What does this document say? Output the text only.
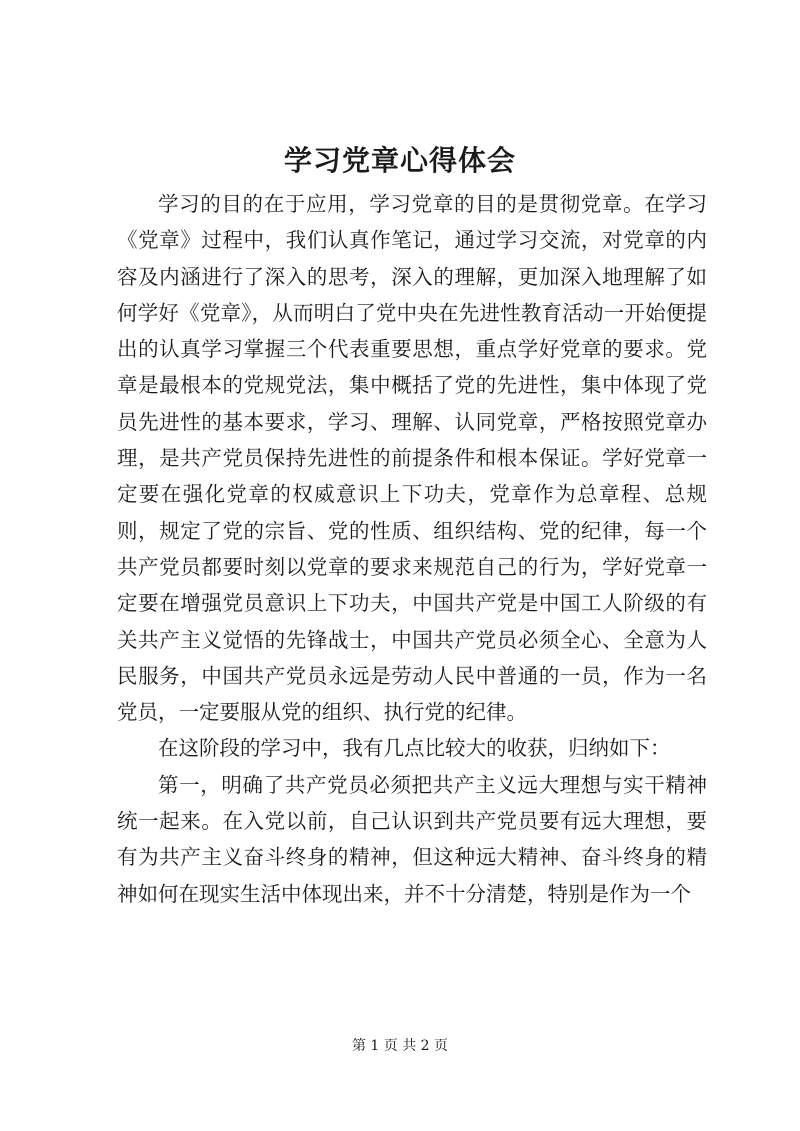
学习党章心得体会

学习的目的在于应用，学习党章的目的是贯彻党章。在学习《党章》过程中，我们认真作笔记，通过学习交流，对党章的内容及内涵进行了深入的思考，深入的理解，更加深入地理解了如何学好《党章》，从而明白了党中央在先进性教育活动一开始便提出的认真学习掌握三个代表重要思想，重点学好党章的要求。党章是最根本的党规党法，集中概括了党的先进性，集中体现了党员先进性的基本要求，学习、理解、认同党章，严格按照党章办理，是共产党员保持先进性的前提条件和根本保证。学好党章一定要在强化党章的权威意识上下功夫，党章作为总章程、总规则，规定了党的宗旨、党的性质、组织结构、党的纪律，每一个共产党员都要时刻以党章的要求来规范自己的行为，学好党章一定要在增强党员意识上下功夫，中国共产党是中国工人阶级的有关共产主义觉悟的先锋战士，中国共产党员必须全心、全意为人民服务，中国共产党员永远是劳动人民中普通的一员，作为一名党员，一定要服从党的组织、执行党的纪律。

在这阶段的学习中，我有几点比较大的收获，归纳如下：

第一，明确了共产党员必须把共产主义远大理想与实干精神统一起来。在入党以前，自己认识到共产党员要有远大理想，要有为共产主义奋斗终身的精神，但这种远大精神、奋斗终身的精神如何在现实生活中体现出来，并不十分清楚，特别是作为一个

第 1 页 共 2 页
